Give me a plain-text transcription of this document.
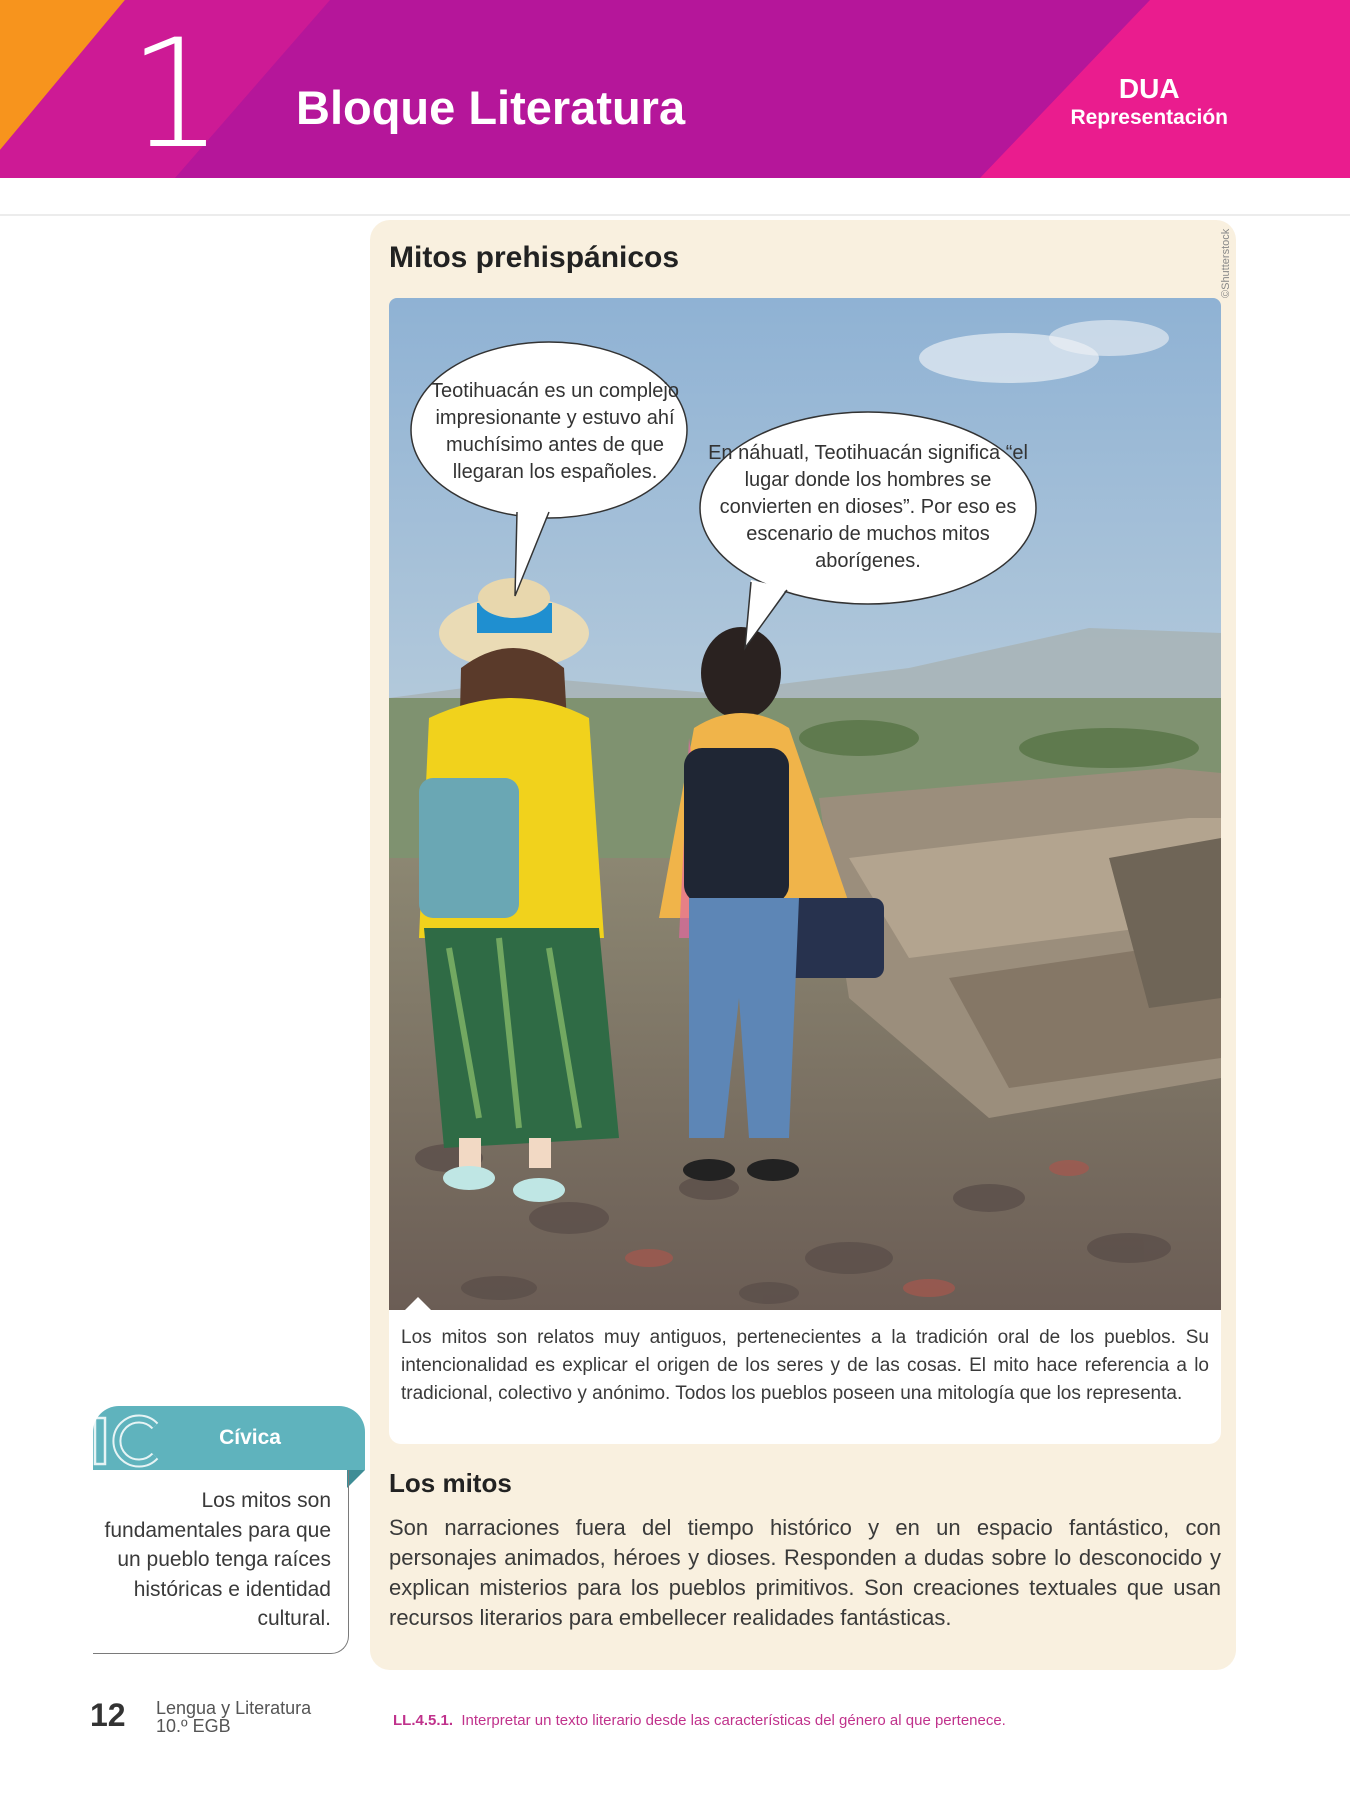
1 Bloque Literatura	DUA
Representación
Mitos prehispánicos	©Shutterstock
Teotihuacán es un complejo impresionante y estuvo ahí muchísimo antes de que llegaran los españoles.
En náhuatl, Teotihuacán significa “el lugar donde los hombres se convierten en dioses”. Por eso es escenario de muchos mitos aborígenes.

Los mitos son relatos muy antiguos, pertenecientes a la tradición oral de los pueblos. Su intencionalidad es explicar el origen de los seres y de las cosas. El mito hace referencia a lo tradicional, colectivo y anónimo. Todos los pueblos poseen una mitología que los representa.

Los mitos
Son narraciones fuera del tiempo histórico y en un espacio fantástico, con personajes animados, héroes y dioses. Responden a dudas sobre lo desconocido y explican misterios para los pueblos primitivos. Son creaciones textuales que usan recursos literarios para embellecer realidades fantásticas.
Cívica
Los mitos son fundamentales para que un pueblo tenga raíces históricas e identidad cultural.
12 Lengua y Literatura
10.º EGB	LL.4.5.1. Interpretar un texto literario desde las características del género al que pertenece.
